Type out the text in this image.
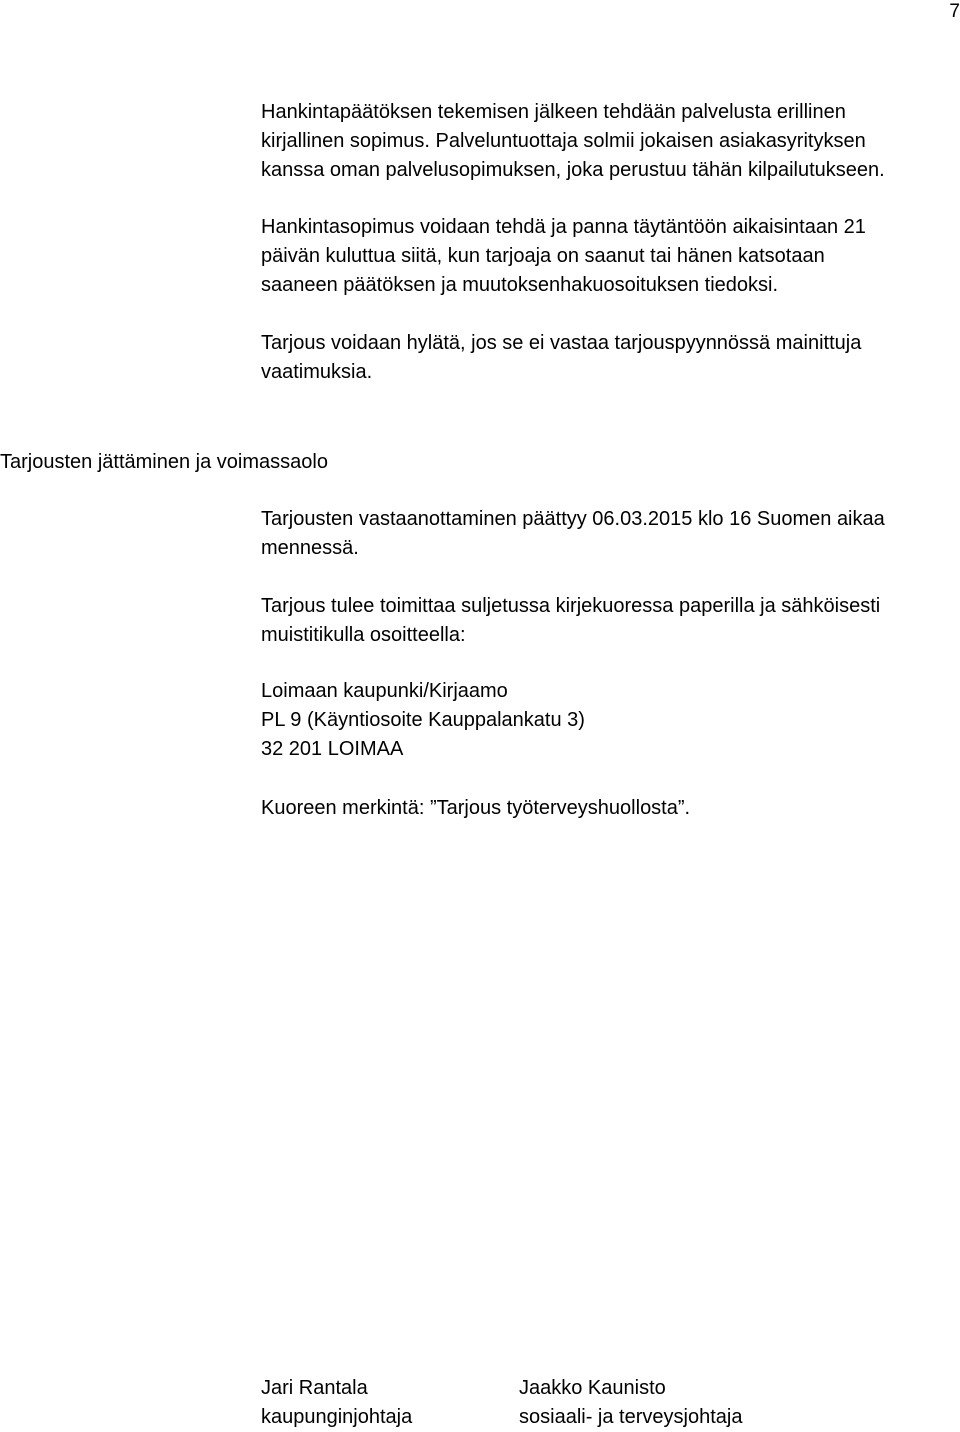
7

Hankintapäätöksen tekemisen jälkeen tehdään palvelusta erillinen
kirjallinen sopimus. Palveluntuottaja solmii jokaisen asiakasyrityksen
kanssa oman palvelusopimuksen, joka perustuu tähän kilpailutukseen.

Hankintasopimus voidaan tehdä ja panna täytäntöön aikaisintaan 21
päivän kuluttua siitä, kun tarjoaja on saanut tai hänen katsotaan
saaneen päätöksen ja muutoksenhakuosoituksen tiedoksi.

Tarjous voidaan hylätä, jos se ei vastaa tarjouspyynnössä mainittuja
vaatimuksia.

Tarjousten jättäminen ja voimassaolo

Tarjousten vastaanottaminen päättyy 06.03.2015 klo 16 Suomen aikaa
mennessä.

Tarjous tulee toimittaa suljetussa kirjekuoressa paperilla ja sähköisesti
muistitikulla osoitteella:

Loimaan kaupunki/Kirjaamo
PL 9 (Käyntiosoite Kauppalankatu 3)
32 201 LOIMAA

Kuoreen merkintä: ”Tarjous työterveyshuollosta”.

Jari Rantala
kaupunginjohtaja
Jaakko Kaunisto
sosiaali- ja terveysjohtaja
